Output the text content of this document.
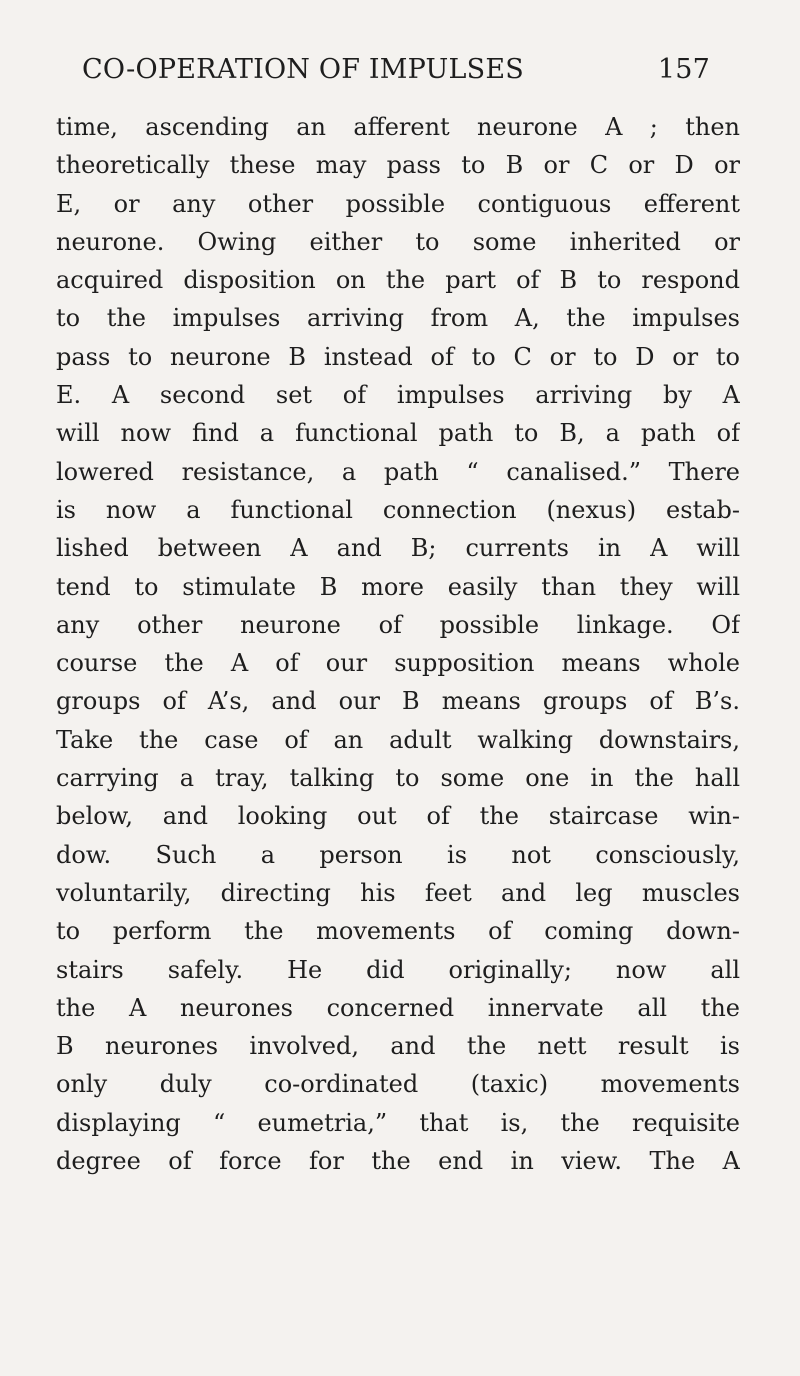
CO-OPERATION OF IMPULSES	157
time, ascending an afferent neurone A ; then
theoretically these may pass to B or C or D or
E, or any other possible contiguous efferent
neurone. Owing either to some inherited or
acquired disposition on the part of B to respond
to the impulses arriving from A, the impulses
pass to neurone B instead of to C or to D or to
E. A second set of impulses arriving by A
will now find a functional path to B, a path of
lowered resistance, a path “ canalised.” There
is now a functional connection (nexus) estab-
lished between A and B; currents in A will
tend to stimulate B more easily than they will
any other neurone of possible linkage. Of
course the A of our supposition means whole
groups of A’s, and our B means groups of B’s.
Take the case of an adult walking downstairs,
carrying a tray, talking to some one in the hall
below, and looking out of the staircase win-
dow. Such a person is not consciously,
voluntarily, directing his feet and leg muscles
to perform the movements of coming down-
stairs safely. He did originally; now all
the A neurones concerned innervate all the
B neurones involved, and the nett result is
only duly co-ordinated (taxic) movements
displaying “ eumetria,” that is, the requisite
degree of force for the end in view. The A
